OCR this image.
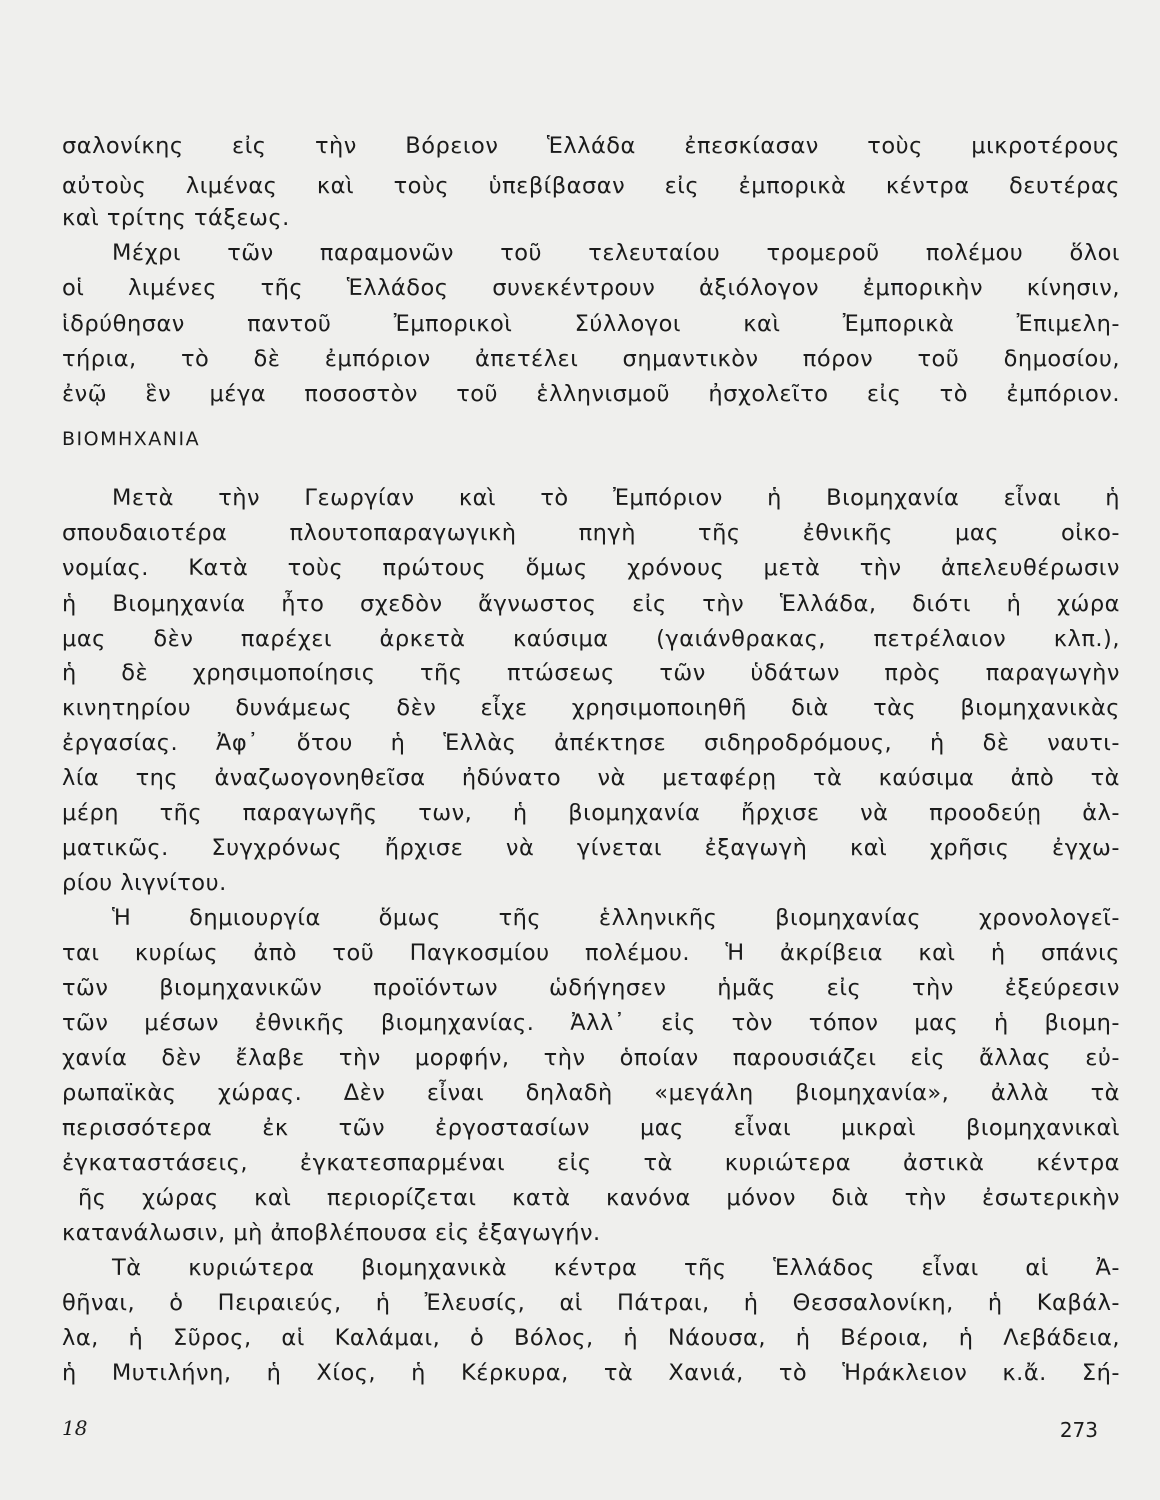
σαλονίκης εἰς τὴν Βόρειον Ἑλλάδα ἐπεσκίασαν τοὺς μικροτέρους
αὐτοὺς λιμένας καὶ τοὺς ὑπεβίβασαν εἰς ἐμπορικὰ κέντρα δευτέρας
καὶ τρίτης τάξεως.
Μέχρι τῶν παραμονῶν τοῦ τελευταίου τρομεροῦ πολέμου ὅλοι
οἱ λιμένες τῆς Ἑλλάδος συνεκέντρουν ἀξιόλογον ἐμπορικὴν κίνησιν,
ἱδρύθησαν παντοῦ Ἐμπορικοὶ Σύλλογοι καὶ Ἐμπορικὰ Ἐπιμελη-
τήρια, τὸ δὲ ἐμπόριον ἀπετέλει σημαντικὸν πόρον τοῦ δημοσίου,
ἐνῷ ἓν μέγα ποσοστὸν τοῦ ἑλληνισμοῦ ἠσχολεῖτο εἰς τὸ ἐμπόριον.
ΒΙΟΜΗΧΑΝΙΑ
Μετὰ τὴν Γεωργίαν καὶ τὸ Ἐμπόριον ἡ Βιομηχανία εἶναι ἡ
σπουδαιοτέρα πλουτοπαραγωγικὴ πηγὴ τῆς ἐθνικῆς μας οἰκο-
νομίας. Κατὰ τοὺς πρώτους ὅμως χρόνους μετὰ τὴν ἀπελευθέρωσιν
ἡ Βιομηχανία ἦτο σχεδὸν ἄγνωστος εἰς τὴν Ἑλλάδα, διότι ἡ χώρα
μας δὲν παρέχει ἀρκετὰ καύσιμα (γαιάνθρακας, πετρέλαιον κλπ.),
ἡ δὲ χρησιμοποίησις τῆς πτώσεως τῶν ὑδάτων πρὸς παραγωγὴν
κινητηρίου δυνάμεως δὲν εἶχε χρησιμοποιηθῆ διὰ τὰς βιομηχανικὰς
ἐργασίας. Ἀφ᾽ ὅτου ἡ Ἑλλὰς ἀπέκτησε σιδηροδρόμους, ἡ δὲ ναυτι-
λία της ἀναζωογονηθεῖσα ἠδύνατο νὰ μεταφέρῃ τὰ καύσιμα ἀπὸ τὰ
μέρη τῆς παραγωγῆς των, ἡ βιομηχανία ἤρχισε νὰ προοδεύῃ ἁλ-
ματικῶς. Συγχρόνως ἤρχισε νὰ γίνεται ἐξαγωγὴ καὶ χρῆσις ἐγχω-
ρίου λιγνίτου.
Ἡ δημιουργία ὅμως τῆς ἑλληνικῆς βιομηχανίας χρονολογεῖ-
ται κυρίως ἀπὸ τοῦ Παγκοσμίου πολέμου. Ἡ ἀκρίβεια καὶ ἡ σπάνις
τῶν βιομηχανικῶν προϊόντων ὡδήγησεν ἡμᾶς εἰς τὴν ἐξεύρεσιν
τῶν μέσων ἐθνικῆς βιομηχανίας. Ἀλλ᾽ εἰς τὸν τόπον μας ἡ βιομη-
χανία δὲν ἔλαβε τὴν μορφήν, τὴν ὁποίαν παρουσιάζει εἰς ἄλλας εὐ-
ρωπαϊκὰς χώρας. Δὲν εἶναι δηλαδὴ «μεγάλη βιομηχανία», ἀλλὰ τὰ
περισσότερα ἐκ τῶν ἐργοστασίων μας εἶναι μικραὶ βιομηχανικαὶ
ἐγκαταστάσεις, ἐγκατεσπαρμέναι εἰς τὰ κυριώτερα ἀστικὰ κέντρα
ῆς χώρας καὶ περιορίζεται κατὰ κανόνα μόνον διὰ τὴν ἐσωτερικὴν
κατανάλωσιν, μὴ ἀποβλέπουσα εἰς ἐξαγωγήν.
Τὰ κυριώτερα βιομηχανικὰ κέντρα τῆς Ἑλλάδος εἶναι αἱ Ἀ-
θῆναι, ὁ Πειραιεύς, ἡ Ἐλευσίς, αἱ Πάτραι, ἡ Θεσσαλονίκη, ἡ Καβάλ-
λα, ἡ Σῦρος, αἱ Καλάμαι, ὁ Βόλος, ἡ Νάουσα, ἡ Βέροια, ἡ Λεβάδεια,
ἡ Μυτιλήνη, ἡ Χίος, ἡ Κέρκυρα, τὰ Χανιά, τὸ Ἡράκλειον κ.ἄ. Σή-
18	273
